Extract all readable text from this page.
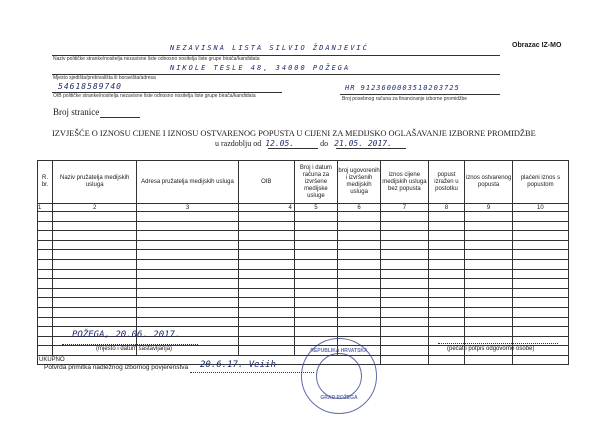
Obrazac IZ-MO
NEZAVISNA LISTA SILVIO ŽDANJEVIĆ
Naziv političke stranke/nositelja nezavisne liste odnosno nositelja liste grupe birača/kandidata
NIKOLE TESLE 48, 34000 POŽEGA
Mjesto sjedišta/prebivališta ili boravišta/adresa
54618589740
OIB političke stranke/nositelja nezavisne liste odnosno nositelja liste grupe birača/kandidata
HR 9123600003510203725
Broj posebnog računa za financiranje izborne promidžbe
Broj stranice
IZVJEŠĆE O IZNOSU CIJENE I IZNOSU OSTVARENOG POPUSTA U CIJENI ZA MEDIJSKO OGLAŠAVANJE IZBORNE PROMIDŽBE
u razdoblju od 12.05.	do 21.05. 2017.
R. br.	Naziv pružatelja medijskih usluga	Adresa pružatelja medijskih usluga	OIB	Broj i datum računa za izvršene medijske usluge	broj ugovorenih i izvršenih medijskih usluga	iznos cijene medijskih usluga bez popusta	popust izražen u postotku	iznos ostvarenog popusta	plaćeni iznos s popustom
1	2	3	4	5	6	7	8	9	10

UKUPNO									
POŽEGA, 20.06. 2017.
(mjesto i datum sastavljanja)	(pečat i potpis odgovorne osobe)
Potvrda primitka nadležnog izbornog povjerenstva 20.6.17. Veiih
REPUBLIKA HRVATSKA
GRAD POŽEGA
